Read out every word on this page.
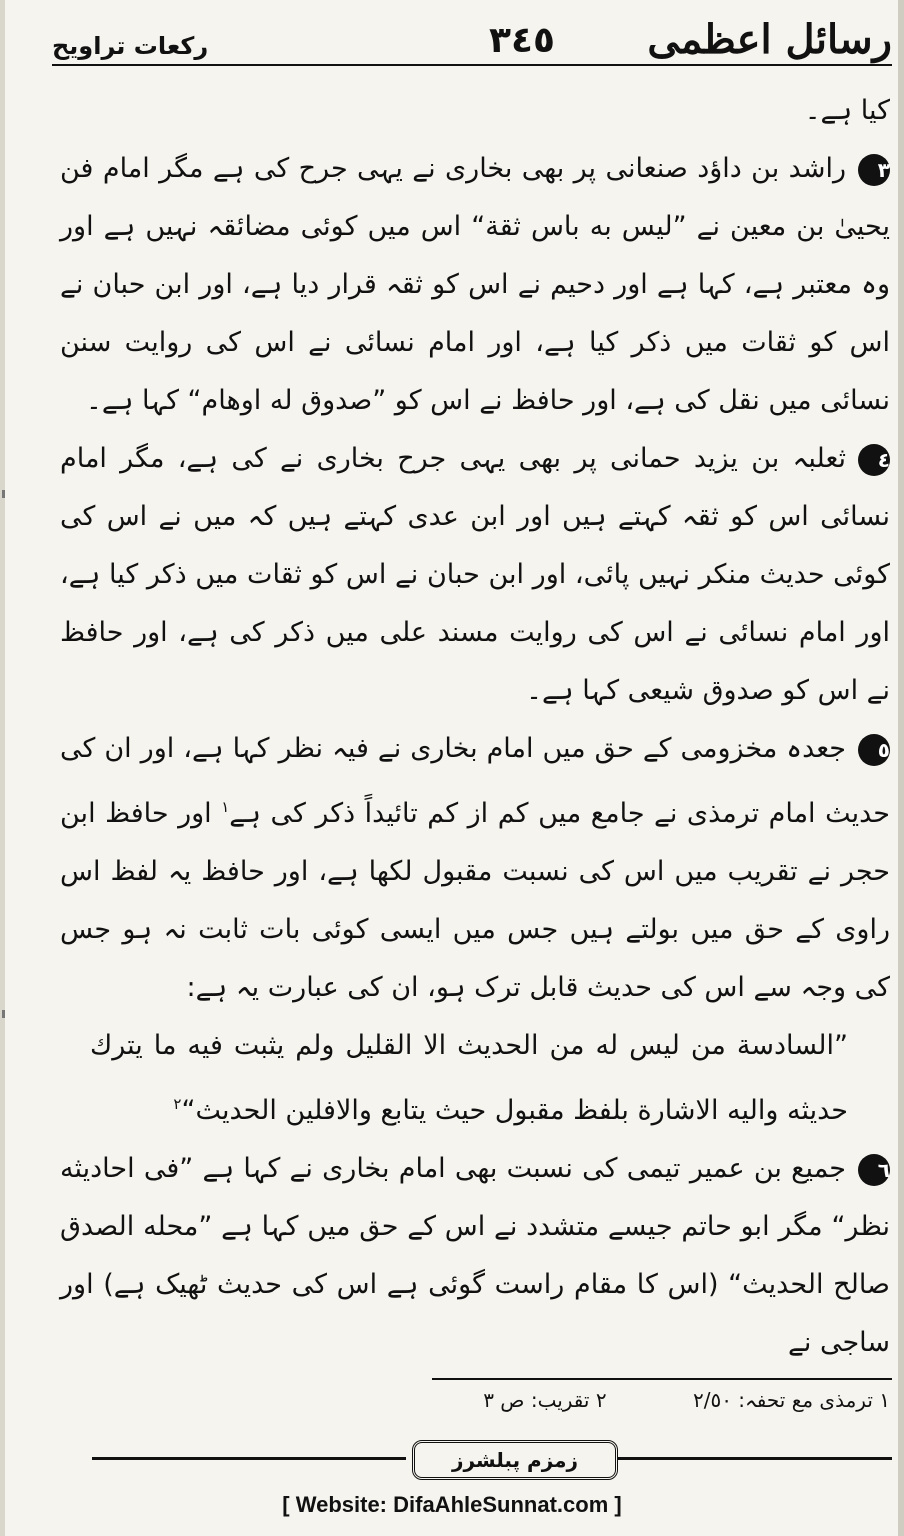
رسائل اعظمی
٣٤٥
رکعات تراویح

کیا ہے۔

٣راشد بن داؤد صنعانی پر بھی بخاری نے یہی جرح کی ہے مگر امام فن یحییٰ بن معین نے ”لیس به باس ثقة“ اس میں کوئی مضائقہ نہیں ہے اور وہ معتبر ہے، کہا ہے اور دحیم نے اس کو ثقہ قرار دیا ہے، اور ابن حبان نے اس کو ثقات میں ذکر کیا ہے، اور امام نسائی نے اس کی روایت سنن نسائی میں نقل کی ہے، اور حافظ نے اس کو ”صدوق له اوهام“ کہا ہے۔

٤ثعلبہ بن یزید حمانی پر بھی یہی جرح بخاری نے کی ہے، مگر امام نسائی اس کو ثقہ کہتے ہیں اور ابن عدی کہتے ہیں کہ میں نے اس کی کوئی حدیث منکر نہیں پائی، اور ابن حبان نے اس کو ثقات میں ذکر کیا ہے، اور امام نسائی نے اس کی روایت مسند علی میں ذکر کی ہے، اور حافظ نے اس کو صدوق شیعی کہا ہے۔

٥جعدہ مخزومی کے حق میں امام بخاری نے فیہ نظر کہا ہے، اور ان کی حدیث امام ترمذی نے جامع میں کم از کم تائیداً ذکر کی ہے$^١$ اور حافظ ابن حجر نے تقریب میں اس کی نسبت مقبول لکھا ہے، اور حافظ یہ لفظ اس راوی کے حق میں بولتے ہیں جس میں ایسی کوئی بات ثابت نہ ہو جس کی وجہ سے اس کی حدیث قابل ترک ہو، ان کی عبارت یہ ہے:

”السادسة من ليس له من الحديث الا القليل ولم يثبت فيه ما يترك حديثه واليه الاشارة بلفظ مقبول حيث يتابع والافلين الحديث“$^٢$

٦جمیع بن عمیر تیمی کی نسبت بھی امام بخاری نے کہا ہے ”فی احادیثه نظر“ مگر ابو حاتم جیسے متشدد نے اس کے حق میں کہا ہے ”محله الصدق صالح الحديث“ (اس کا مقام راست گوئی ہے اس کی حدیث ٹھیک ہے) اور ساجی نے

١ ترمذی مع تحفہ: ٢/٥٠ ٢ تقریب: ص ٣
زمزم پبلشرز
[ Website: DifaAhleSunnat.com ]
